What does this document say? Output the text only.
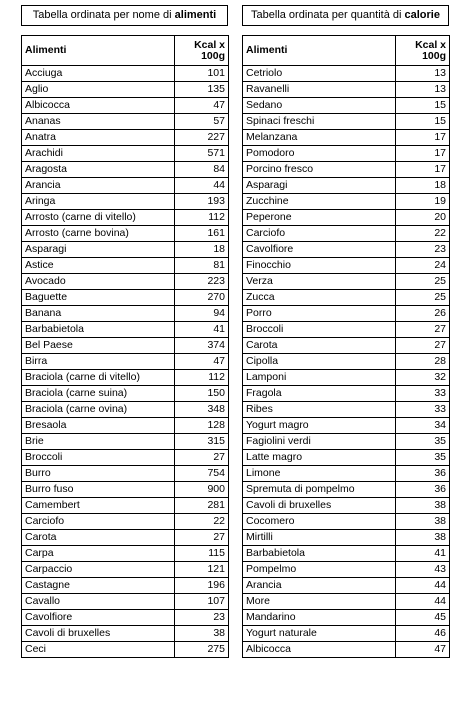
Tabella ordinata per nome di alimenti
Alimenti	Kcal x
100g
Acciuga	101
Aglio	135
Albicocca	47
Ananas	57
Anatra	227
Arachidi	571
Aragosta	84
Arancia	44
Aringa	193
Arrosto (carne di vitello)	112
Arrosto (carne bovina)	161
Asparagi	18
Astice	81
Avocado	223
Baguette	270
Banana	94
Barbabietola	41
Bel Paese	374
Birra	47
Braciola (carne di vitello)	112
Braciola (carne suina)	150
Braciola (carne ovina)	348
Bresaola	128
Brie	315
Broccoli	27
Burro	754
Burro fuso	900
Camembert	281
Carciofo	22
Carota	27
Carpa	115
Carpaccio	121
Castagne	196
Cavallo	107
Cavolfiore	23
Cavoli di bruxelles	38
Ceci	275
Tabella ordinata per quantità di calorie
Alimenti	Kcal x
100g
Cetriolo	13
Ravanelli	13
Sedano	15
Spinaci freschi	15
Melanzana	17
Pomodoro	17
Porcino fresco	17
Asparagi	18
Zucchine	19
Peperone	20
Carciofo	22
Cavolfiore	23
Finocchio	24
Verza	25
Zucca	25
Porro	26
Broccoli	27
Carota	27
Cipolla	28
Lamponi	32
Fragola	33
Ribes	33
Yogurt magro	34
Fagiolini verdi	35
Latte magro	35
Limone	36
Spremuta di pompelmo	36
Cavoli di bruxelles	38
Cocomero	38
Mirtilli	38
Barbabietola	41
Pompelmo	43
Arancia	44
More	44
Mandarino	45
Yogurt naturale	46
Albicocca	47
